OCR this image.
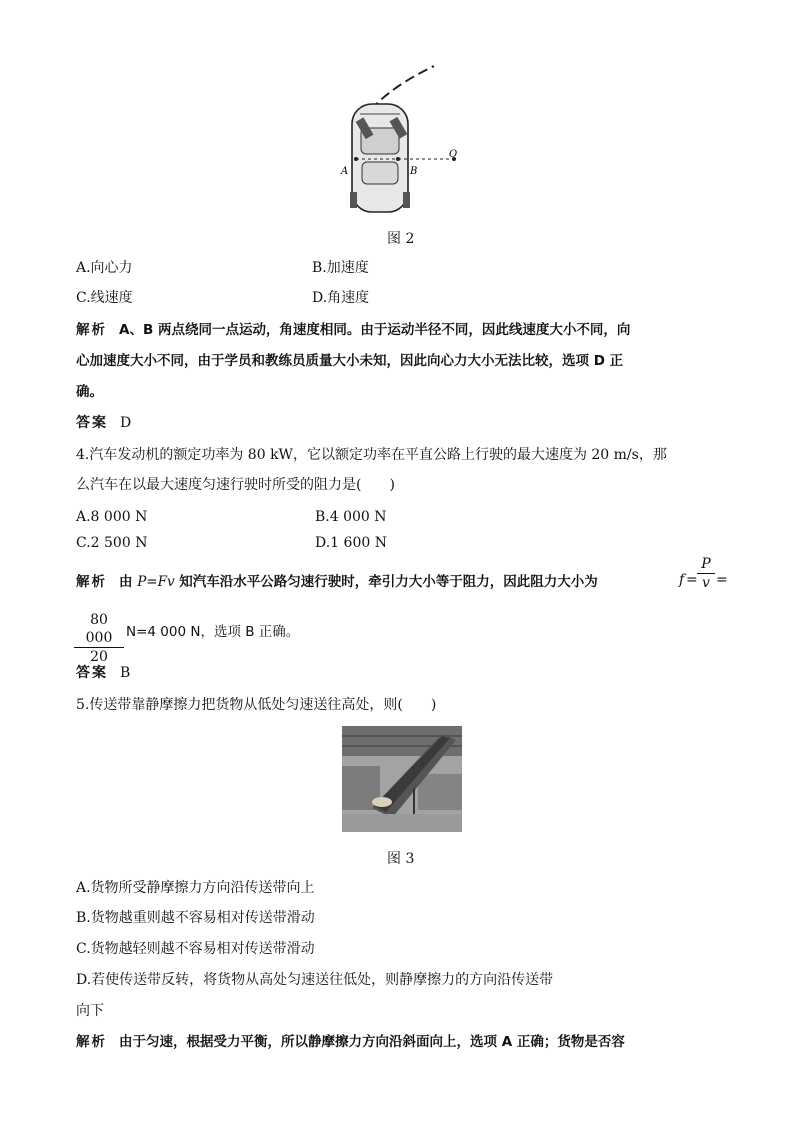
A	B
O
图 2
A.向心力	B.加速度
C.线速度	D.角速度
解析 A、B 两点绕同一点运动，角速度相同。由于运动半径不同，因此线速度大小不同，向
心加速度大小不同，由于学员和教练员质量大小未知，因此向心力大小无法比较，选项 D 正
确。
答案 D
4.汽车发动机的额定功率为 80 kW，它以额定功率在平直公路上行驶的最大速度为 20 m/s，那
么汽车在以最大速度匀速行驶时所受的阻力是(　　)
A.8 000 N	B.4 000 N
C.2 500 N	D.1 600 N
解析 由 P=Fv 知汽车沿水平公路匀速行驶时，牵引力大小等于阻力，因此阻力大小为	$f = \frac{P}{v}$ =
$\frac{80 000}{20} N=4$ 000 N，选项 B 正确。
答案 B
5.传送带靠静摩擦力把货物从低处匀速送往高处，则(　　)
图 3
A.货物所受静摩擦力方向沿传送带向上
B.货物越重则越不容易相对传送带滑动
C.货物越轻则越不容易相对传送带滑动
D.若使传送带反转，将货物从高处匀速送往低处，则静摩擦力的方向沿传送带
向下
解析 由于匀速，根据受力平衡，所以静摩擦力方向沿斜面向上，选项 A 正确；货物是否容
